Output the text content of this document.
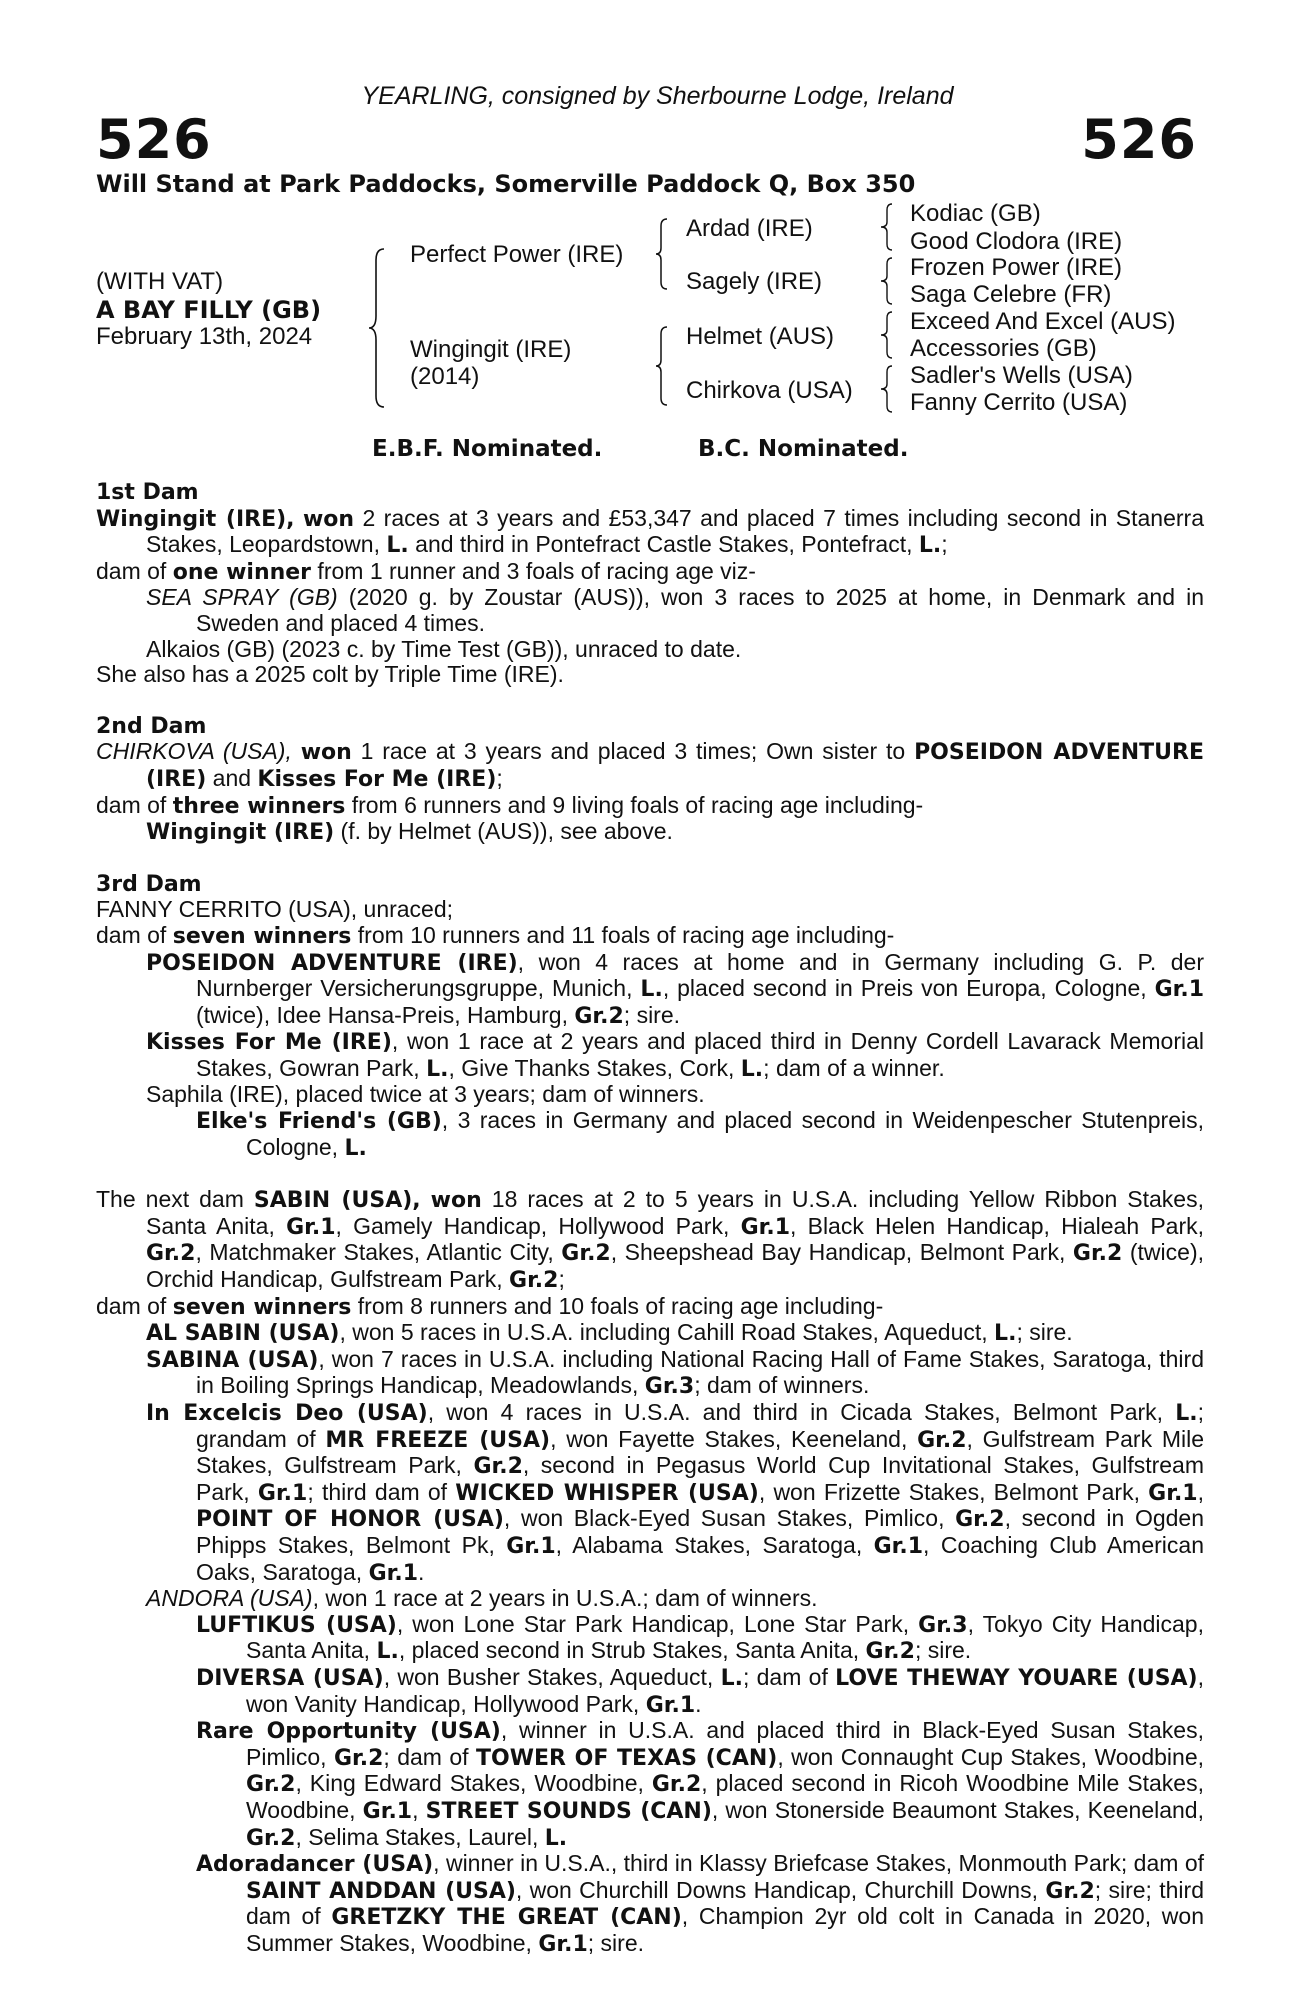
YEARLING, consigned by Sherbourne Lodge, Ireland
526	526
Will Stand at Park Paddocks, Somerville Paddock Q, Box 350
(WITH VAT)
A BAY FILLY (GB)
February 13th, 2024
Perfect Power (IRE)
Wingingit (IRE)
(2014)
Ardad (IRE)
Sagely (IRE)
Helmet (AUS)
Chirkova (USA)
Kodiac (GB)
Good Clodora (IRE)
Frozen Power (IRE)
Saga Celebre (FR)
Exceed And Excel (AUS)
Accessories (GB)
Sadler's Wells (USA)
Fanny Cerrito (USA)
E.B.F. Nominated.	B.C. Nominated.

1st Dam

Wingingit (IRE), won 2 races at 3 years and £53,347 and placed 7 times including second in Stanerra Stakes, Leopardstown, L. and third in Pontefract Castle Stakes, Pontefract, L.;

dam of one winner from 1 runner and 3 foals of racing age viz-

SEA SPRAY (GB) (2020 g. by Zoustar (AUS)), won 3 races to 2025 at home, in Denmark and in Sweden and placed 4 times.

Alkaios (GB) (2023 c. by Time Test (GB)), unraced to date.

She also has a 2025 colt by Triple Time (IRE).

2nd Dam

CHIRKOVA (USA), won 1 race at 3 years and placed 3 times; Own sister to POSEIDON ADVENTURE (IRE) and Kisses For Me (IRE);

dam of three winners from 6 runners and 9 living foals of racing age including-

Wingingit (IRE) (f. by Helmet (AUS)), see above.

3rd Dam

FANNY CERRITO (USA), unraced;

dam of seven winners from 10 runners and 11 foals of racing age including-

POSEIDON ADVENTURE (IRE), won 4 races at home and in Germany including G. P. der Nurnberger Versicherungsgruppe, Munich, L., placed second in Preis von Europa, Cologne, Gr.1 (twice), Idee Hansa-Preis, Hamburg, Gr.2; sire.

Kisses For Me (IRE), won 1 race at 2 years and placed third in Denny Cordell Lavarack Memorial Stakes, Gowran Park, L., Give Thanks Stakes, Cork, L.; dam of a winner.

Saphila (IRE), placed twice at 3 years; dam of winners.

Elke's Friend's (GB), 3 races in Germany and placed second in Weidenpescher Stutenpreis, Cologne, L.

The next dam SABIN (USA), won 18 races at 2 to 5 years in U.S.A. including Yellow Ribbon Stakes, Santa Anita, Gr.1, Gamely Handicap, Hollywood Park, Gr.1, Black Helen Handicap, Hialeah Park, Gr.2, Matchmaker Stakes, Atlantic City, Gr.2, Sheepshead Bay Handicap, Belmont Park, Gr.2 (twice), Orchid Handicap, Gulfstream Park, Gr.2;

dam of seven winners from 8 runners and 10 foals of racing age including-

AL SABIN (USA), won 5 races in U.S.A. including Cahill Road Stakes, Aqueduct, L.; sire.

SABINA (USA), won 7 races in U.S.A. including National Racing Hall of Fame Stakes, Saratoga, third in Boiling Springs Handicap, Meadowlands, Gr.3; dam of winners.

In Excelcis Deo (USA), won 4 races in U.S.A. and third in Cicada Stakes, Belmont Park, L.; grandam of MR FREEZE (USA), won Fayette Stakes, Keeneland, Gr.2, Gulfstream Park Mile Stakes, Gulfstream Park, Gr.2, second in Pegasus World Cup Invitational Stakes, Gulfstream Park, Gr.1; third dam of WICKED WHISPER (USA), won Frizette Stakes, Belmont Park, Gr.1, POINT OF HONOR (USA), won Black-Eyed Susan Stakes, Pimlico, Gr.2, second in Ogden Phipps Stakes, Belmont Pk, Gr.1, Alabama Stakes, Saratoga, Gr.1, Coaching Club American Oaks, Saratoga, Gr.1.

ANDORA (USA), won 1 race at 2 years in U.S.A.; dam of winners.

LUFTIKUS (USA), won Lone Star Park Handicap, Lone Star Park, Gr.3, Tokyo City Handicap, Santa Anita, L., placed second in Strub Stakes, Santa Anita, Gr.2; sire.

DIVERSA (USA), won Busher Stakes, Aqueduct, L.; dam of LOVE THEWAY YOUARE (USA), won Vanity Handicap, Hollywood Park, Gr.1.

Rare Opportunity (USA), winner in U.S.A. and placed third in Black-Eyed Susan Stakes, Pimlico, Gr.2; dam of TOWER OF TEXAS (CAN), won Connaught Cup Stakes, Woodbine, Gr.2, King Edward Stakes, Woodbine, Gr.2, placed second in Ricoh Woodbine Mile Stakes, Woodbine, Gr.1, STREET SOUNDS (CAN), won Stonerside Beaumont Stakes, Keeneland, Gr.2, Selima Stakes, Laurel, L.

Adoradancer (USA), winner in U.S.A., third in Klassy Briefcase Stakes, Monmouth Park; dam of SAINT ANDDAN (USA), won Churchill Downs Handicap, Churchill Downs, Gr.2; sire; third dam of GRETZKY THE GREAT (CAN), Champion 2yr old colt in Canada in 2020, won Summer Stakes, Woodbine, Gr.1; sire.
